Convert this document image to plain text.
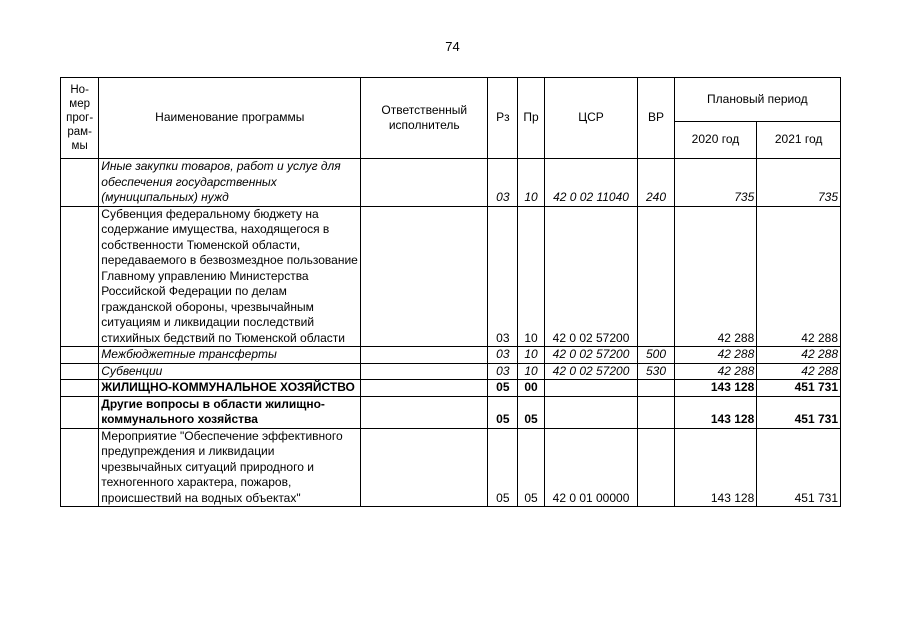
74
Но-
мер
прог-
рам-
мы	Наименование программы	Ответственный исполнитель	Рз	Пр	ЦСР	ВР	Плановый период	
							2020 год	2021 год
	Иные закупки товаров, работ и услуг для обеспечения государственных (муниципальных) нужд		03	10	42 0 02 11040	240	735	735
	Субвенция федеральному бюджету на содержание имущества, находящегося в собственности Тюменской области, передаваемого в безвозмездное пользование Главному управлению Министерства Российской Федерации по делам гражданской обороны, чрезвычайным ситуациям и ликвидации последствий стихийных бедствий по Тюменской области		03	10	42 0 02 57200		42 288	42 288
	Межбюджетные трансферты		03	10	42 0 02 57200	500	42 288	42 288
	Субвенции		03	10	42 0 02 57200	530	42 288	42 288
	ЖИЛИЩНО-КОММУНАЛЬНОЕ ХОЗЯЙСТВО		05	00			143 128	451 731
	Другие вопросы в области жилищно-коммунального хозяйства		05	05			143 128	451 731
	Мероприятие "Обеспечение эффективного предупреждения и ликвидации чрезвычайных ситуаций природного и техногенного характера, пожаров, происшествий на водных объектах"		05	05	42 0 01 00000		143 128	451 731
